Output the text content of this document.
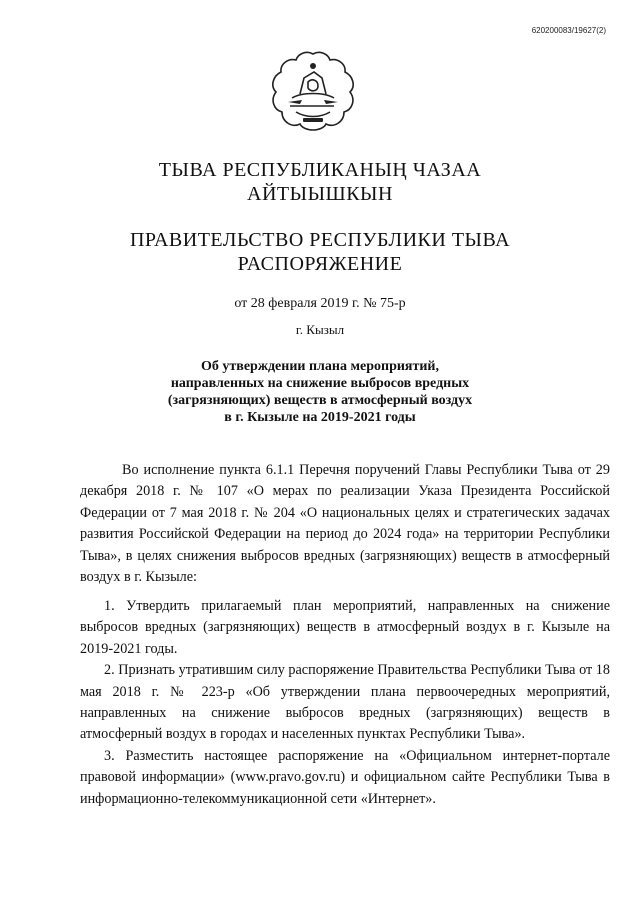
620200083/19627(2)
ТЫВА РЕСПУБЛИКАНЫҢ ЧАЗАА
АЙТЫЫШКЫН
ПРАВИТЕЛЬСТВО РЕСПУБЛИКИ ТЫВА
РАСПОРЯЖЕНИЕ
от 28 февраля 2019 г. № 75-р
г. Кызыл
Об утверждении плана мероприятий,
направленных на снижение выбросов вредных
(загрязняющих) веществ в атмосферный воздух
в г. Кызыле на 2019-2021 годы
Во исполнение пункта 6.1.1 Перечня поручений Главы Республики Тыва от 29 декабря 2018 г. № 107 «О мерах по реализации Указа Президента Российской Федерации от 7 мая 2018 г. № 204 «О национальных целях и стратегических задачах развития Российской Федерации на период до 2024 года» на территории Республики Тыва», в целях снижения выбросов вредных (загрязняющих) веществ в атмосферный воздух в г. Кызыле:

1. Утвердить прилагаемый план мероприятий, направленных на снижение выбросов вредных (загрязняющих) веществ в атмосферный воздух в г. Кызыле на 2019-2021 годы.

2. Признать утратившим силу распоряжение Правительства Республики Тыва от 18 мая 2018 г. № 223-р «Об утверждении плана первоочередных мероприятий, направленных на снижение выбросов вредных (загрязняющих) веществ в атмосферный воздух в городах и населенных пунктах Республики Тыва».

3. Разместить настоящее распоряжение на «Официальном интернет-портале правовой информации» (www.pravo.gov.ru) и официальном сайте Республики Тыва в информационно-телекоммуникационной сети «Интернет».
